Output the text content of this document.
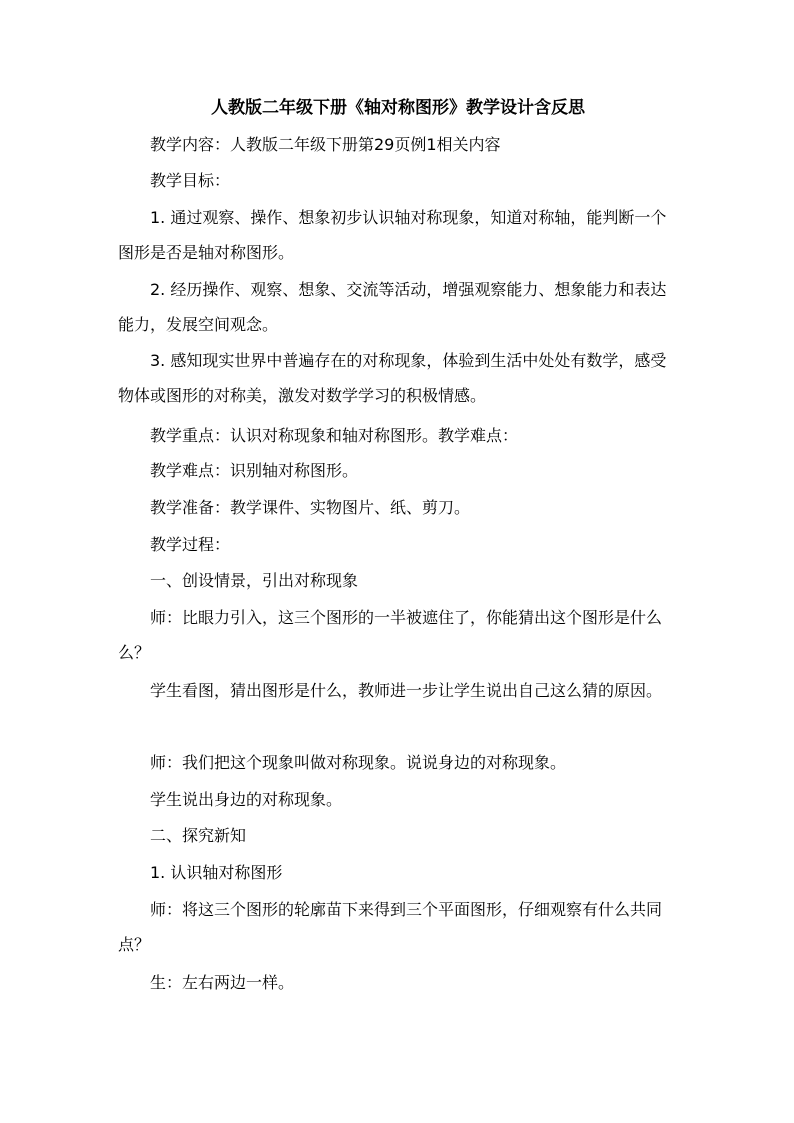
人教版二年级下册《轴对称图形》教学设计含反思

教学内容：人教版二年级下册第29页例1相关内容

教学目标：

1. 通过观察、操作、想象初步认识轴对称现象，知道对称轴，能判断一个图形是否是轴对称图形。

2. 经历操作、观察、想象、交流等活动，增强观察能力、想象能力和表达能力，发展空间观念。

3. 感知现实世界中普遍存在的对称现象，体验到生活中处处有数学，感受物体或图形的对称美，激发对数学学习的积极情感。

教学重点：认识对称现象和轴对称图形。教学难点：

教学难点：识别轴对称图形。

教学准备：教学课件、实物图片、纸、剪刀。

教学过程：

一、创设情景，引出对称现象

师：比眼力引入，这三个图形的一半被遮住了，你能猜出这个图形是什么么？

学生看图，猜出图形是什么，教师进一步让学生说出自己这么猜的原因。

师：我们把这个现象叫做对称现象。说说身边的对称现象。

学生说出身边的对称现象。

二、探究新知

1. 认识轴对称图形

师：将这三个图形的轮廓苗下来得到三个平面图形，仔细观察有什么共同点？

生：左右两边一样。
